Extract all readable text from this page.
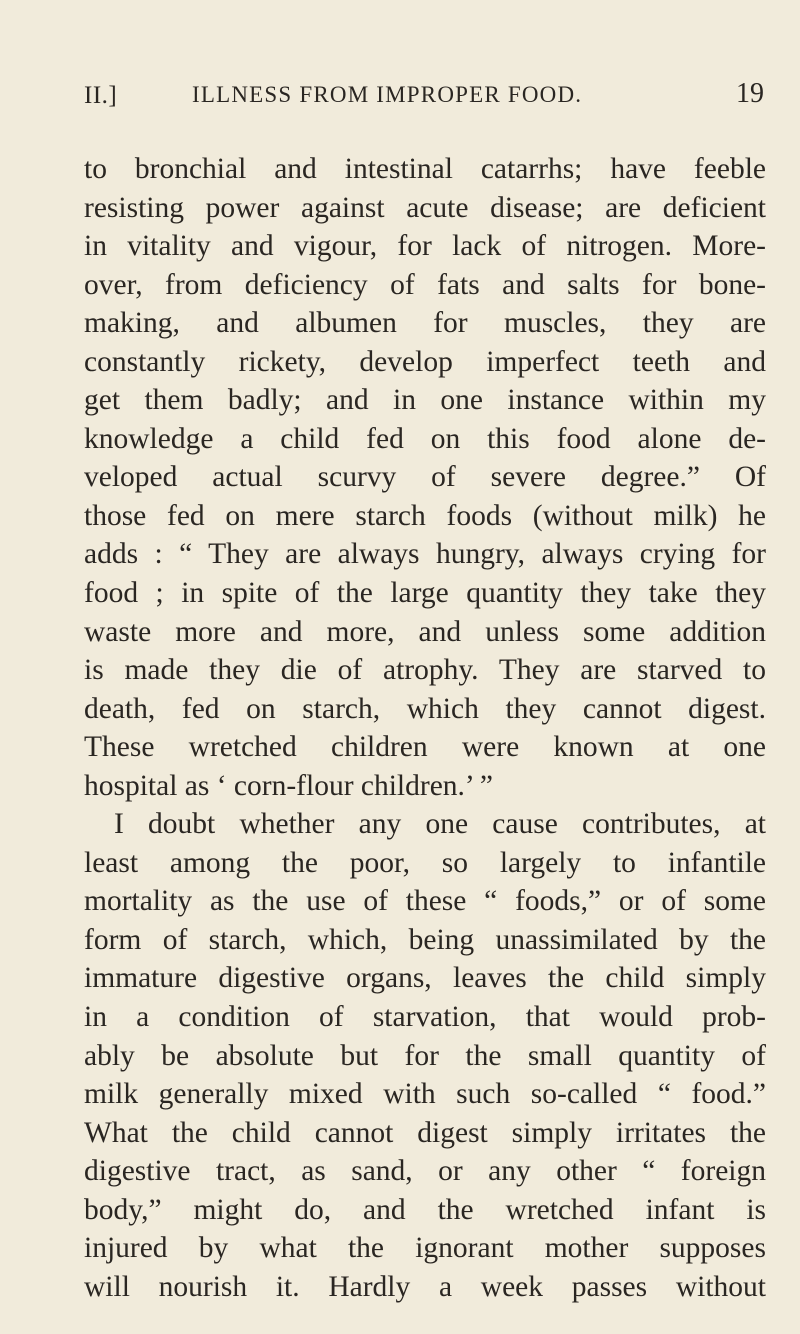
II.]	ILLNESS FROM IMPROPER FOOD.	19
to bronchial and intestinal catarrhs; have feeble
resisting power against acute disease; are deficient
in vitality and vigour, for lack of nitrogen. More-
over, from deficiency of fats and salts for bone-
making, and albumen for muscles, they are
constantly rickety, develop imperfect teeth and
get them badly; and in one instance within my
knowledge a child fed on this food alone de-
veloped actual scurvy of severe degree.” Of
those fed on mere starch foods (without milk) he
adds : “ They are always hungry, always crying for
food ; in spite of the large quantity they take they
waste more and more, and unless some addition
is made they die of atrophy. They are starved to
death, fed on starch, which they cannot digest.
These wretched children were known at one
hospital as ‘ corn-flour children.’ ”
I doubt whether any one cause contributes, at
least among the poor, so largely to infantile
mortality as the use of these “ foods,” or of some
form of starch, which, being unassimilated by the
immature digestive organs, leaves the child simply
in a condition of starvation, that would prob-
ably be absolute but for the small quantity of
milk generally mixed with such so-called “ food.”
What the child cannot digest simply irritates the
digestive tract, as sand, or any other “ foreign
body,” might do, and the wretched infant is
injured by what the ignorant mother supposes
will nourish it. Hardly a week passes without
